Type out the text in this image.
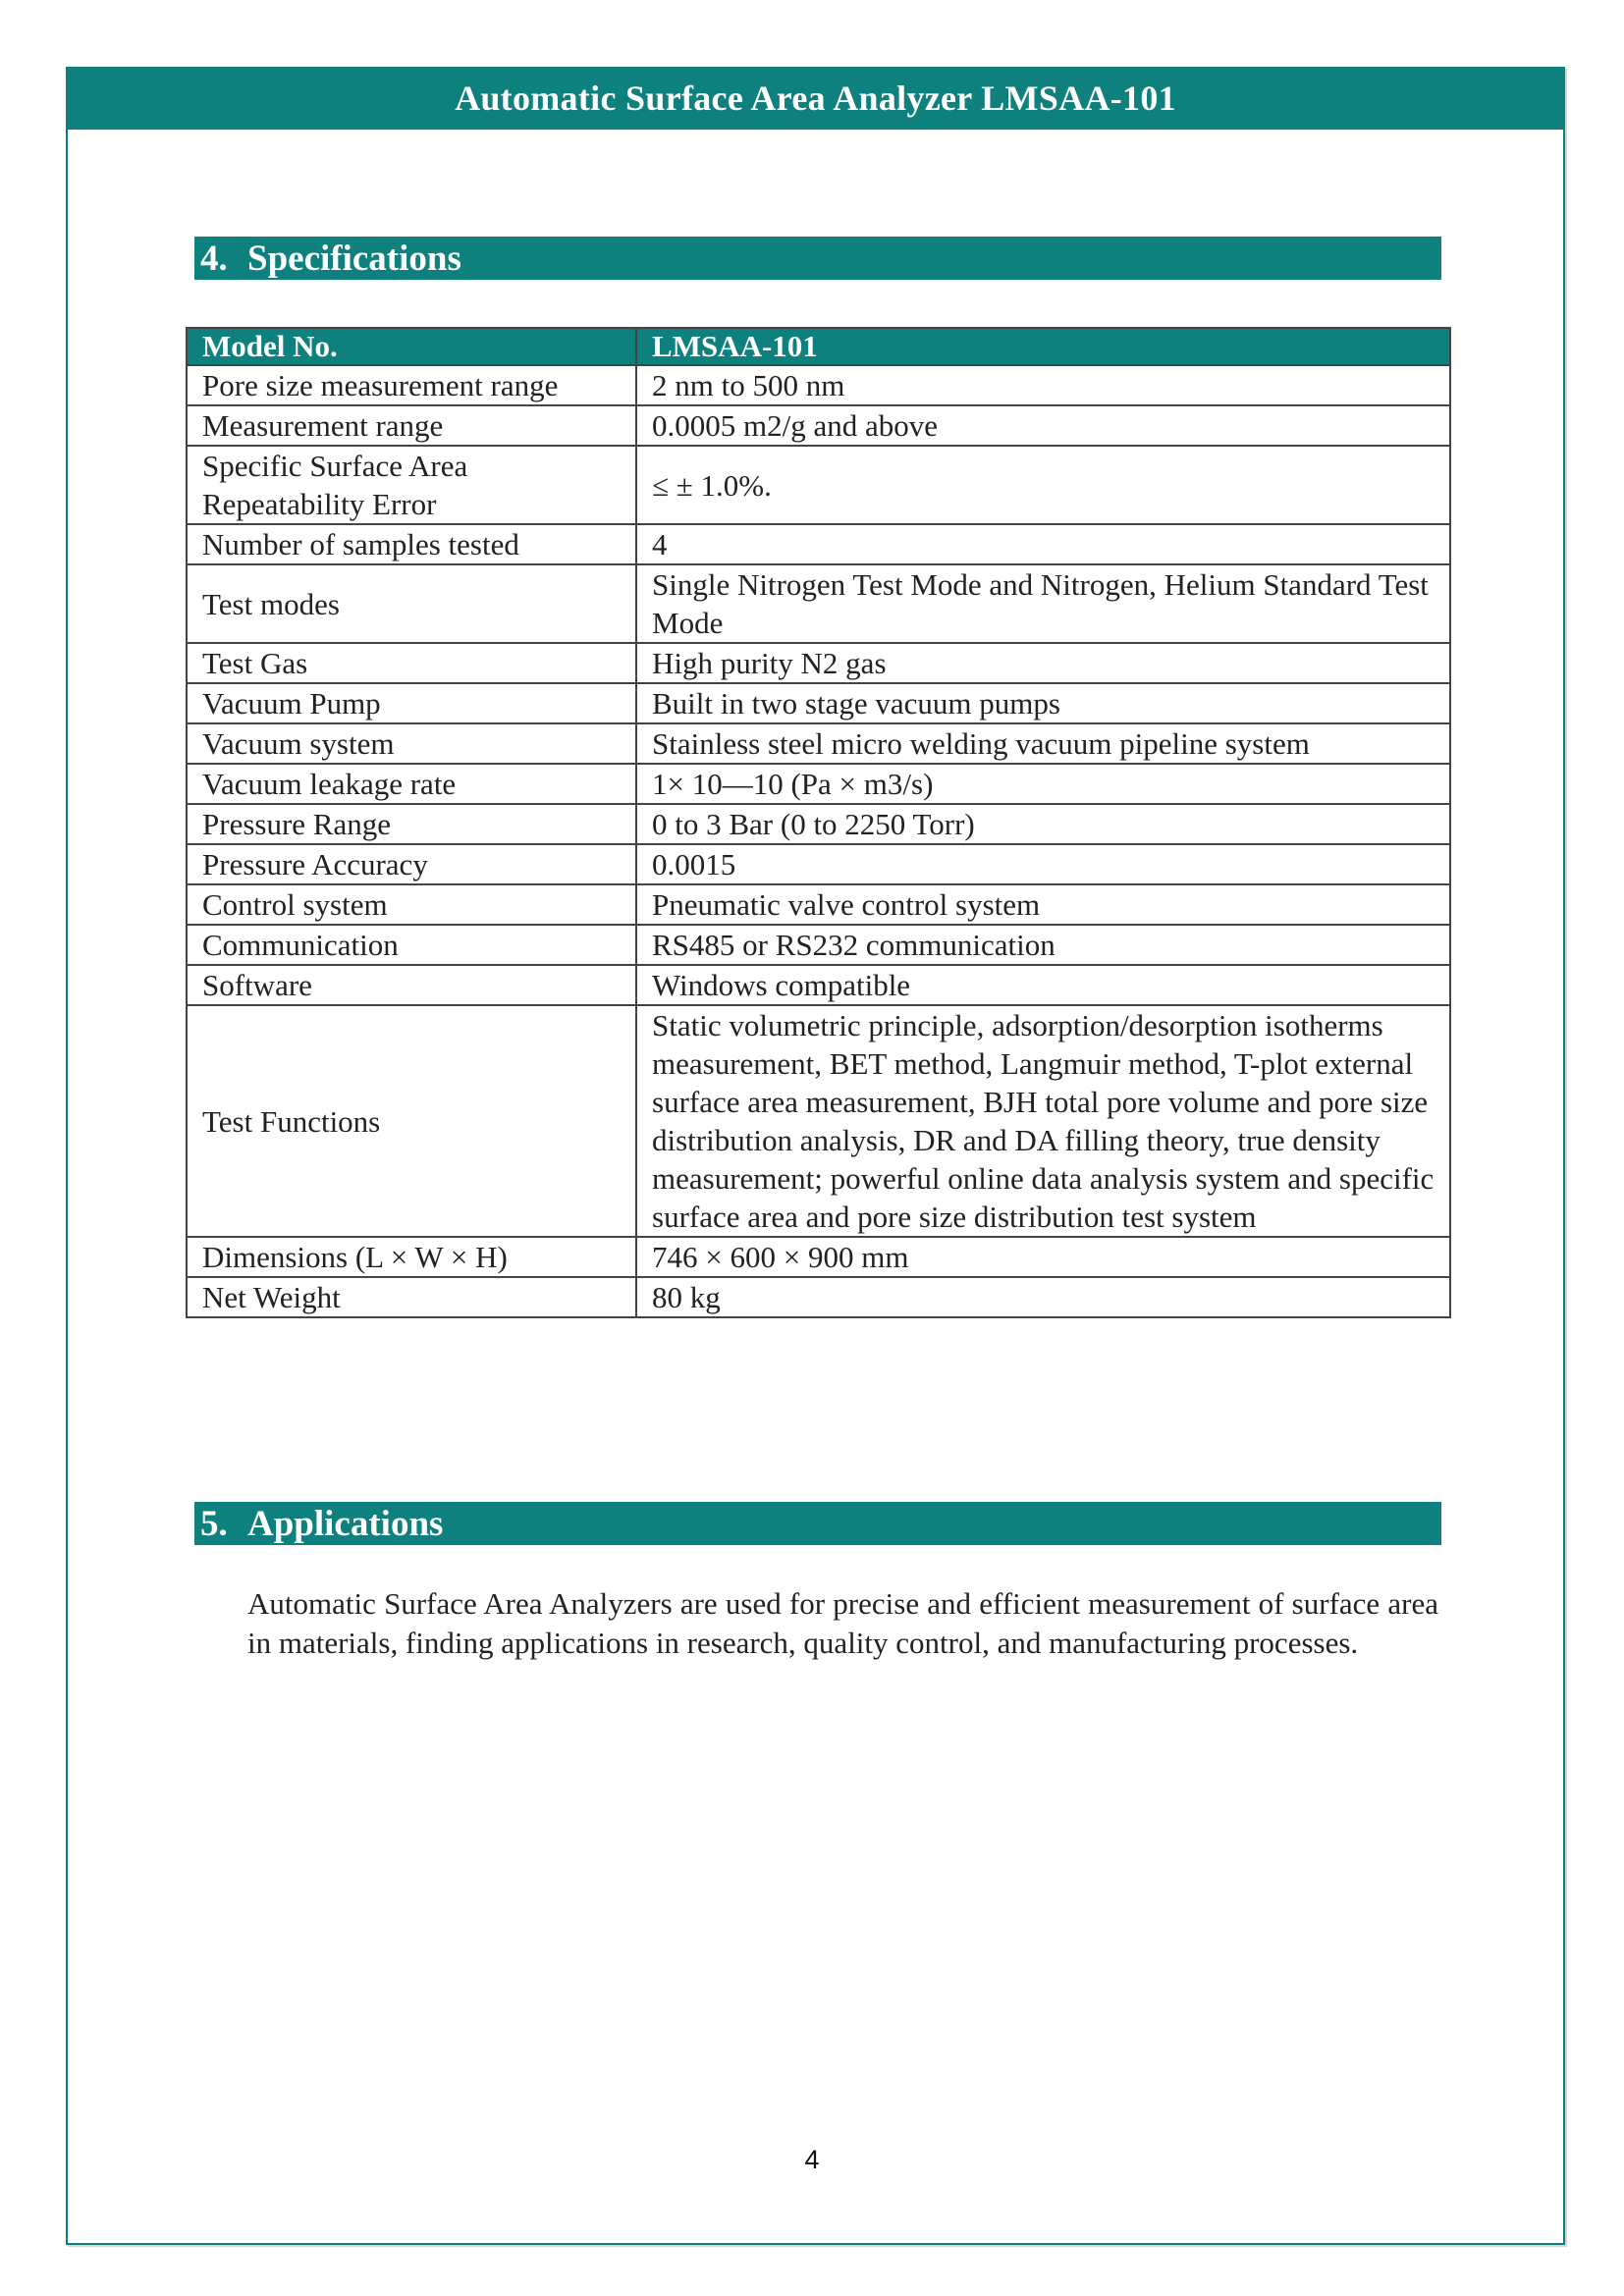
Automatic Surface Area Analyzer LMSAA-101
4. Specifications
Model No.	LMSAA-101
Pore size measurement range	2 nm to 500 nm
Measurement range	0.0005 m2/g and above
Specific Surface Area Repeatability Error	≤ ± 1.0%.
Number of samples tested	4
Test modes	Single Nitrogen Test Mode and Nitrogen, Helium Standard Test Mode
Test Gas	High purity N2 gas
Vacuum Pump	Built in two stage vacuum pumps
Vacuum system	Stainless steel micro welding vacuum pipeline system
Vacuum leakage rate	1× 10—10 (Pa × m3/s)
Pressure Range	0 to 3 Bar (0 to 2250 Torr)
Pressure Accuracy	0.0015
Control system	Pneumatic valve control system
Communication	RS485 or RS232 communication
Software	Windows compatible
Test Functions	Static volumetric principle, adsorption/desorption isotherms measurement, BET method, Langmuir method, T-plot external surface area measurement, BJH total pore volume and pore size distribution analysis, DR and DA filling theory, true density measurement; powerful online data analysis system and specific surface area and pore size distribution test system
Dimensions (L × W × H)	746 × 600 × 900 mm
Net Weight	80 kg
5. Applications
Automatic Surface Area Analyzers are used for precise and efficient measurement of surface area in materials, finding applications in research, quality control, and manufacturing processes.
4
